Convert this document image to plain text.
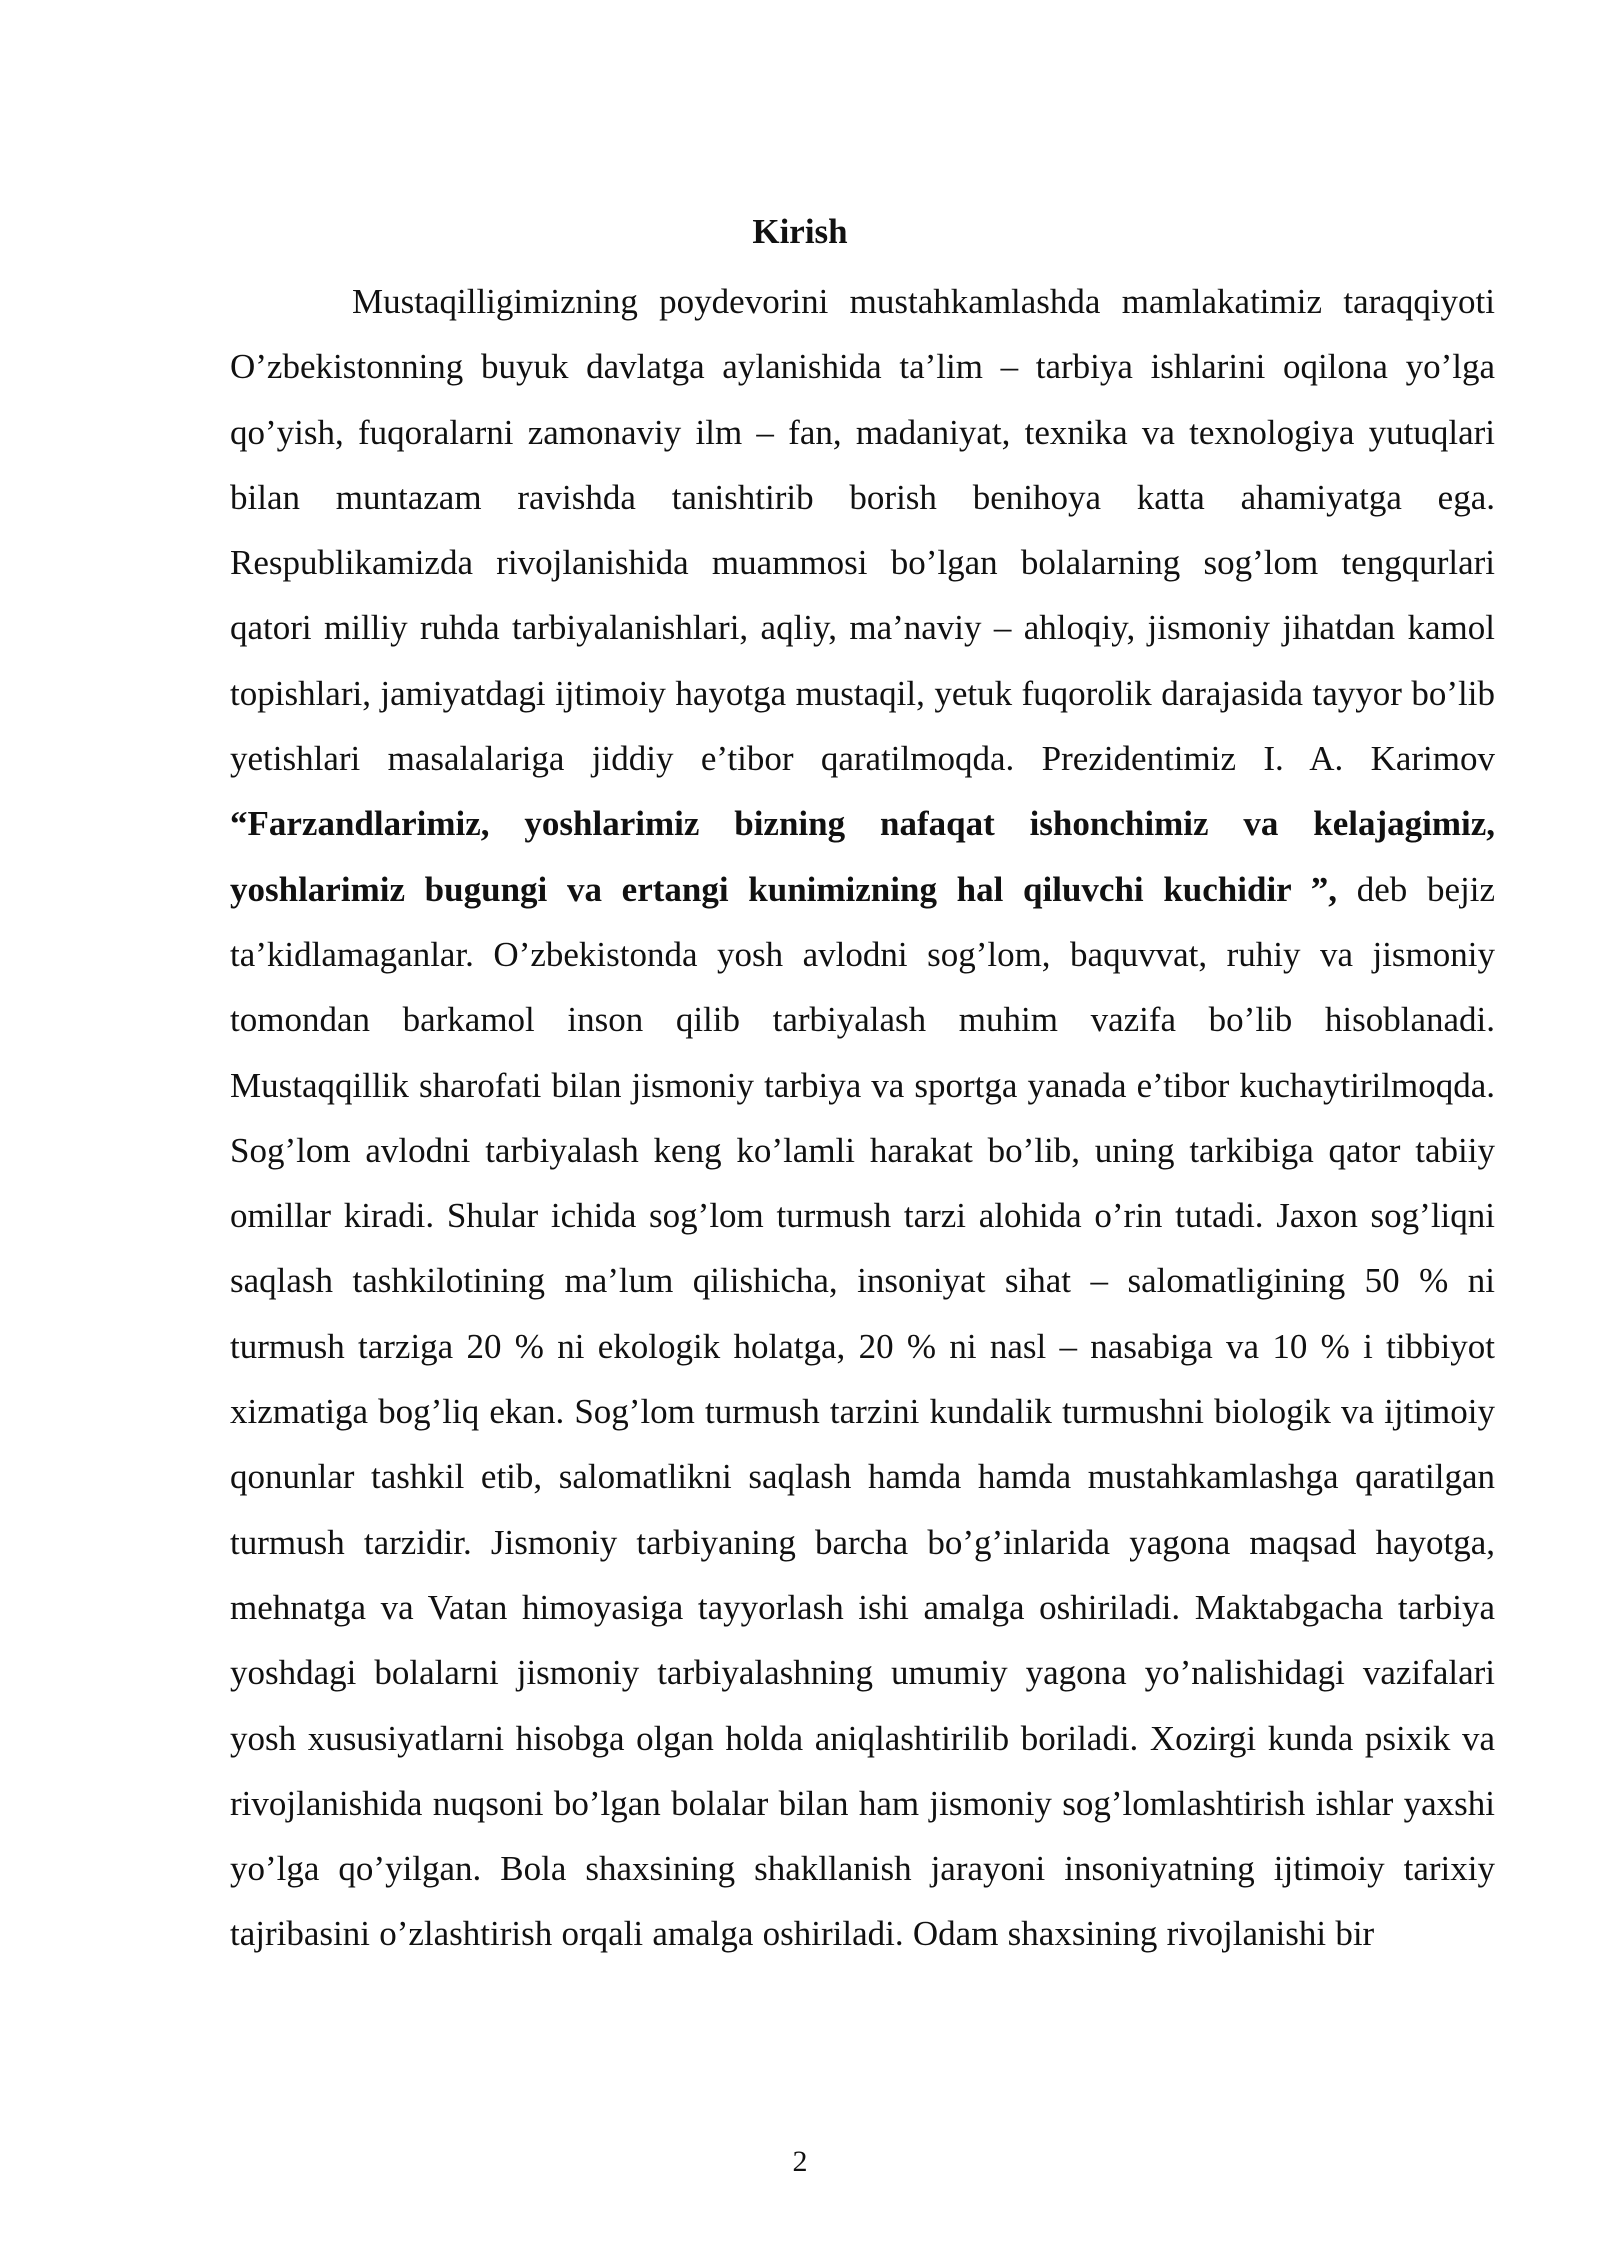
Kirish

Mustaqilligimizning poydevorini mustahkamlashda mamlakatimiz taraqqiyoti O’zbekistonning buyuk davlatga aylanishida ta’lim – tarbiya ishlarini oqilona yo’lga qo’yish, fuqoralarni zamonaviy ilm – fan, madaniyat, texnika va texnologiya yutuqlari bilan muntazam ravishda tanishtirib borish benihoya katta ahamiyatga ega. Respublikamizda rivojlanishida muammosi bo’lgan bolalarning sog’lom tengqurlari qatori milliy ruhda tarbiyalanishlari, aqliy, ma’naviy – ahloqiy, jismoniy jihatdan kamol topishlari, jamiyatdagi ijtimoiy hayotga mustaqil, yetuk fuqorolik darajasida tayyor bo’lib yetishlari masalalariga jiddiy e’tibor qaratilmoqda. Prezidentimiz I. A. Karimov “Farzandlarimiz, yoshlarimiz bizning nafaqat ishonchimiz va kelajagimiz, yoshlarimiz bugungi va ertangi kunimizning hal qiluvchi kuchidir ”, deb bejiz ta’kidlamaganlar. O’zbekistonda yosh avlodni sog’lom, baquvvat, ruhiy va jismoniy tomondan barkamol inson qilib tarbiyalash muhim vazifa bo’lib hisoblanadi. Mustaqqillik sharofati bilan jismoniy tarbiya va sportga yanada e’tibor kuchaytirilmoqda. Sog’lom avlodni tarbiyalash keng ko’lamli harakat bo’lib, uning tarkibiga qator tabiiy omillar kiradi. Shular ichida sog’lom turmush tarzi alohida o’rin tutadi. Jaxon sog’liqni saqlash tashkilotining ma’lum qilishicha, insoniyat sihat – salomatligining 50 % ni turmush tarziga 20 % ni ekologik holatga, 20 % ni nasl – nasabiga va 10 % i tibbiyot xizmatiga bog’liq ekan. Sog’lom turmush tarzini kundalik turmushni biologik va ijtimoiy qonunlar tashkil etib, salomatlikni saqlash hamda hamda mustahkamlashga qaratilgan turmush tarzidir. Jismoniy tarbiyaning barcha bo’g’inlarida yagona maqsad hayotga, mehnatga va Vatan himoyasiga tayyorlash ishi amalga oshiriladi. Maktabgacha tarbiya yoshdagi bolalarni jismoniy tarbiyalashning umumiy yagona yo’nalishidagi vazifalari yosh xususiyatlarni hisobga olgan holda aniqlashtirilib boriladi. Xozirgi kunda psixik va rivojlanishida nuqsoni bo’lgan bolalar bilan ham jismoniy sog’lomlashtirish ishlar yaxshi yo’lga qo’yilgan. Bola shaxsining shakllanish jarayoni insoniyatning ijtimoiy tarixiy tajribasini o’zlashtirish orqali amalga oshiriladi. Odam shaxsining rivojlanishi bir

2
